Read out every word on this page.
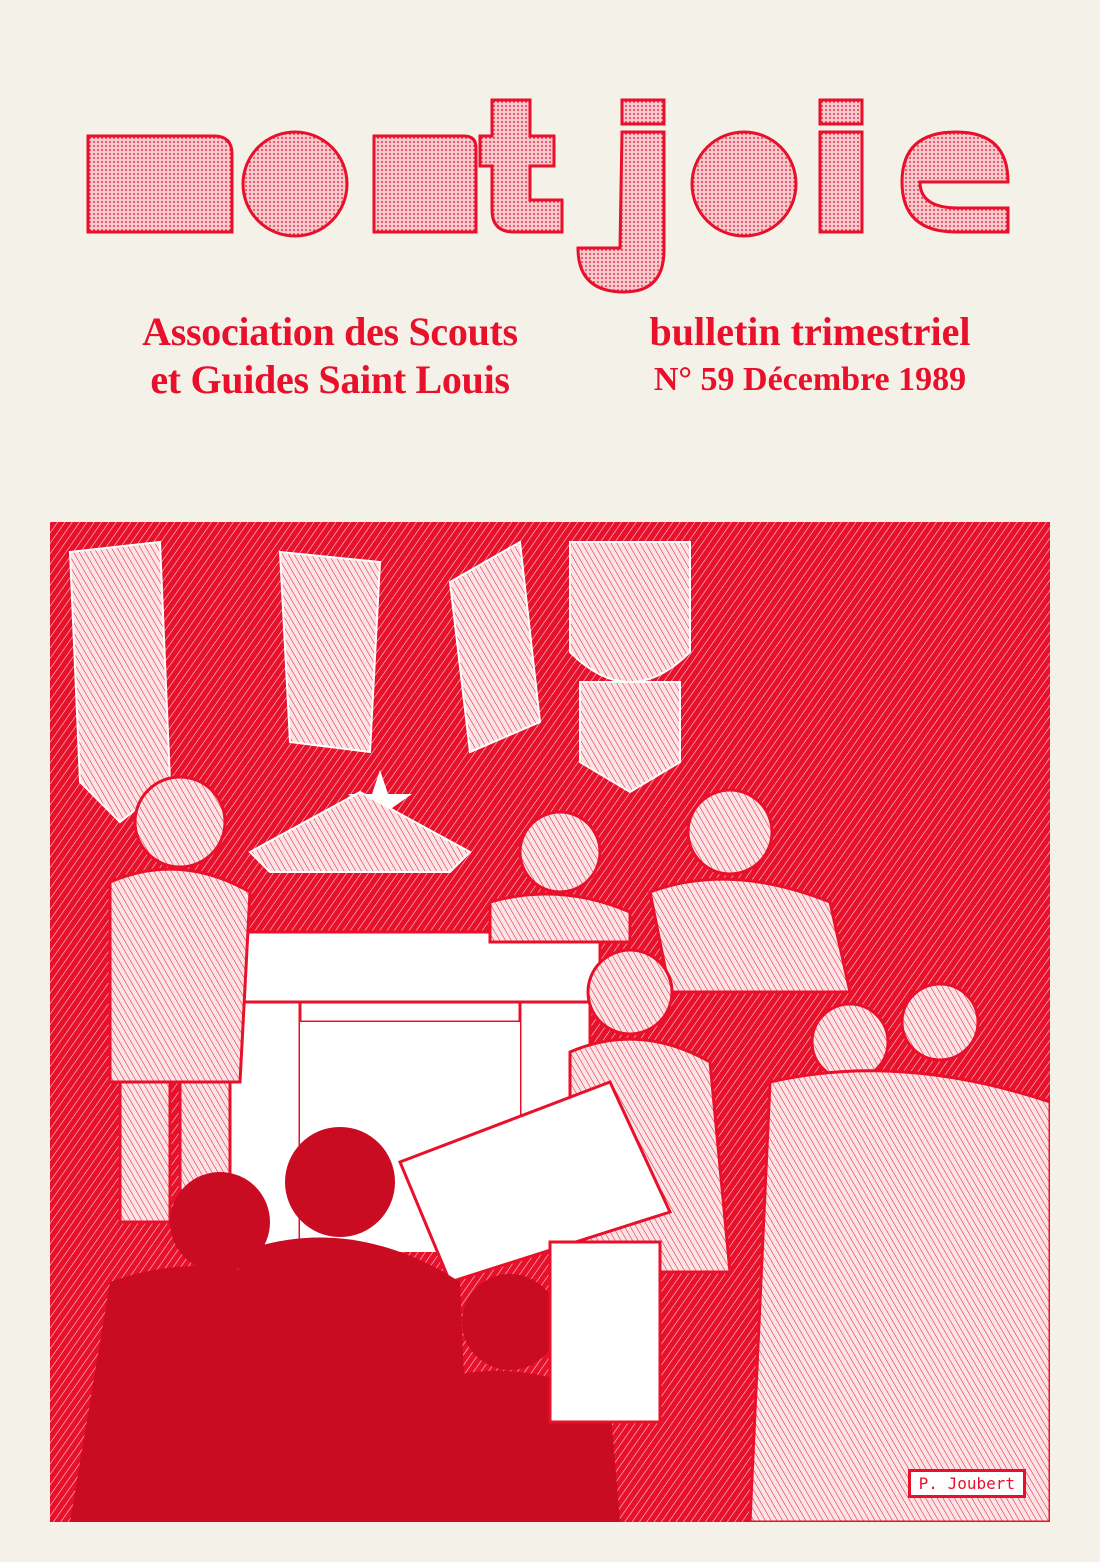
Association des Scouts
et Guides Saint Louis
bulletin trimestriel
N° 59 Décembre 1989
P. Joubert
